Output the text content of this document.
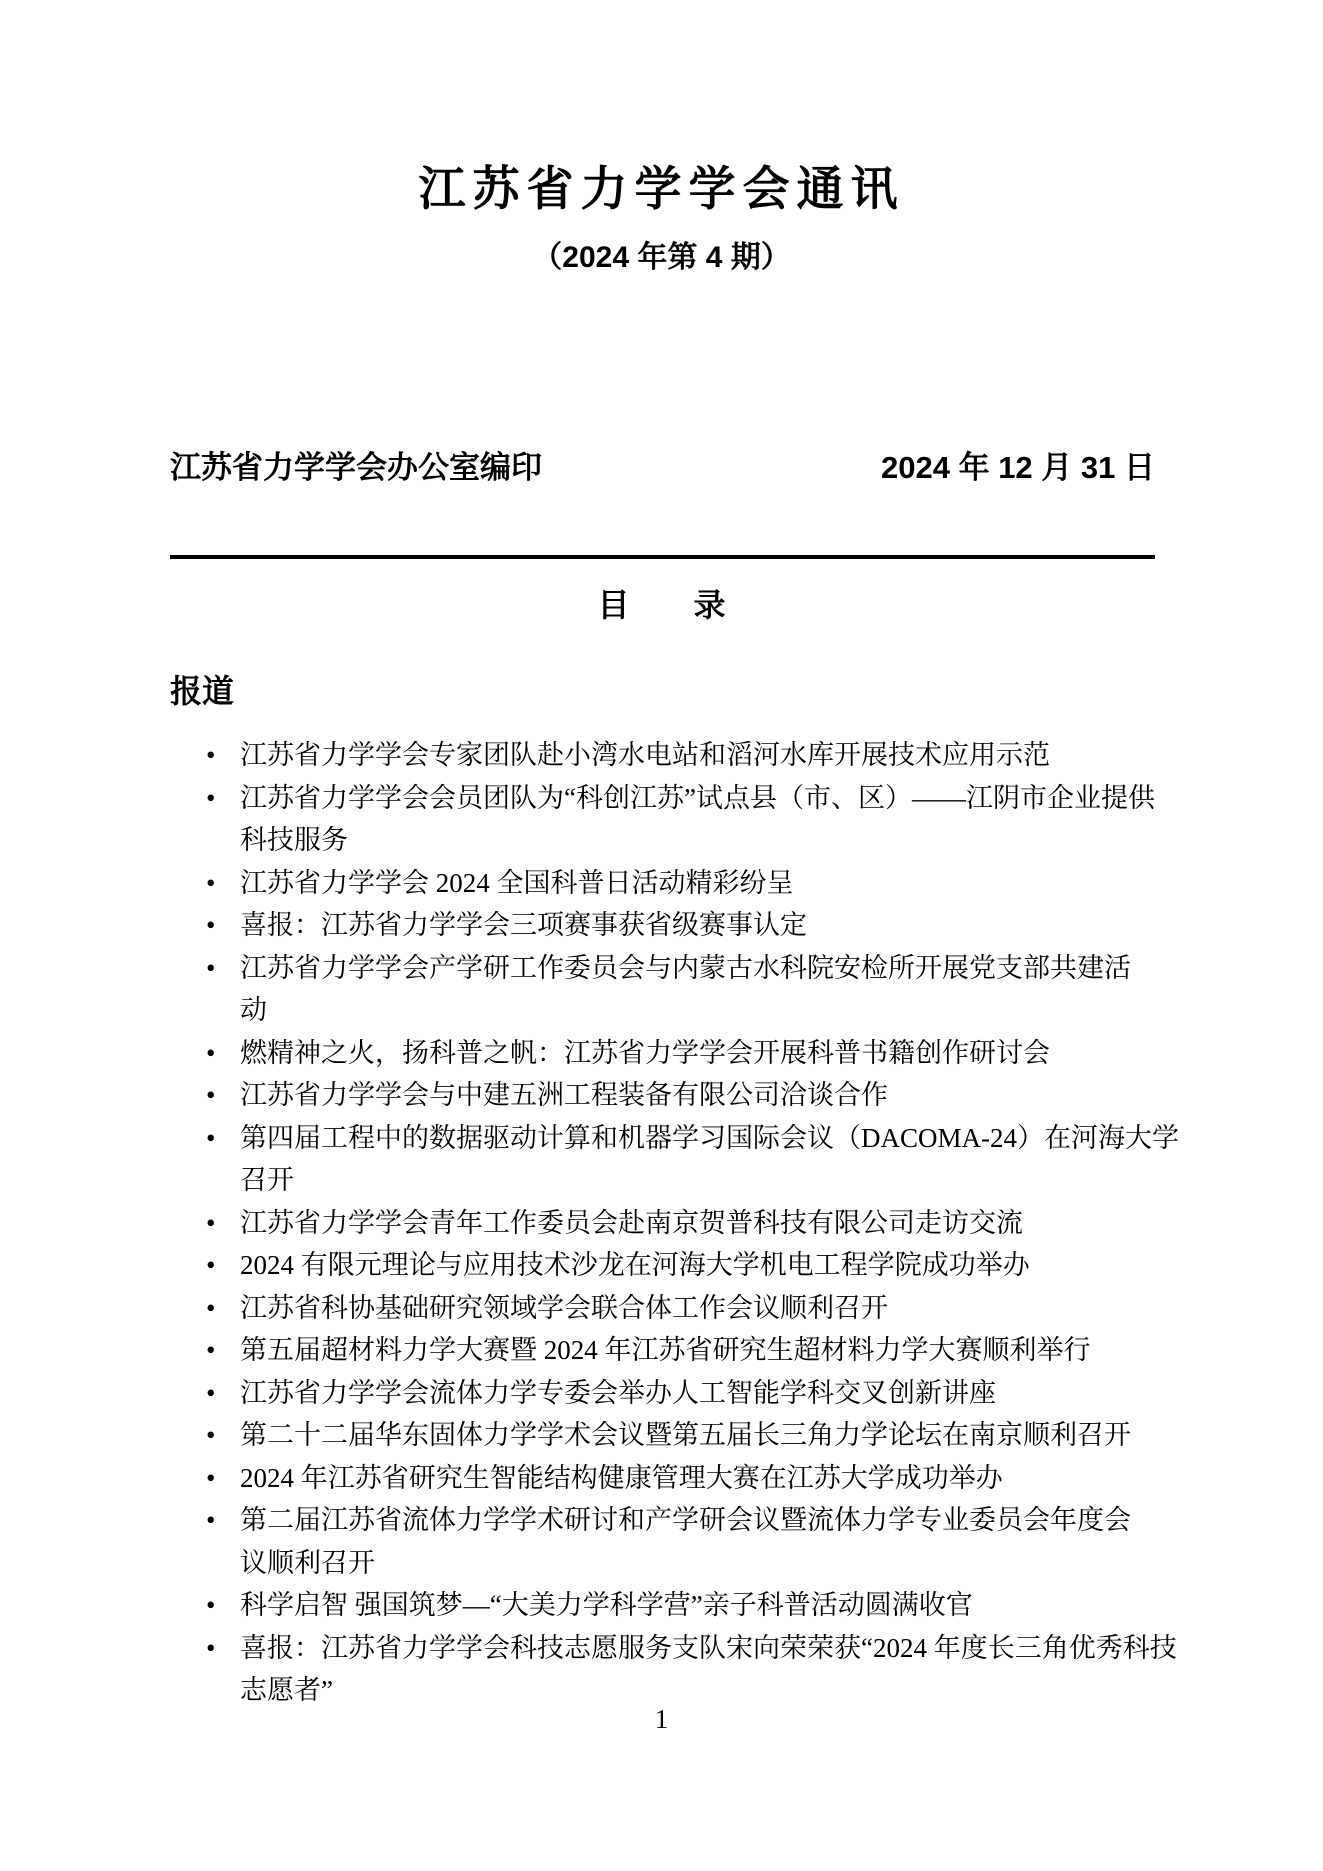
江苏省力学学会通讯
（2024 年第 4 期）
江苏省力学学会办公室编印	2024 年 12 月 31 日
目　　录
报道
• 江苏省力学学会专家团队赴小湾水电站和滔河水库开展技术应用示范
• 江苏省力学学会会员团队为“科创江苏”试点县（市、区）——江阴市企业提供
科技服务
• 江苏省力学学会 2024 全国科普日活动精彩纷呈
• 喜报：江苏省力学学会三项赛事获省级赛事认定
• 江苏省力学学会产学研工作委员会与内蒙古水科院安检所开展党支部共建活
动
• 燃精神之火，扬科普之帆：江苏省力学学会开展科普书籍创作研讨会
• 江苏省力学学会与中建五洲工程装备有限公司洽谈合作
• 第四届工程中的数据驱动计算和机器学习国际会议（DACOMA-24）在河海大学
召开
• 江苏省力学学会青年工作委员会赴南京贺普科技有限公司走访交流
• 2024 有限元理论与应用技术沙龙在河海大学机电工程学院成功举办
• 江苏省科协基础研究领域学会联合体工作会议顺利召开
• 第五届超材料力学大赛暨 2024 年江苏省研究生超材料力学大赛顺利举行
• 江苏省力学学会流体力学专委会举办人工智能学科交叉创新讲座
• 第二十二届华东固体力学学术会议暨第五届长三角力学论坛在南京顺利召开
• 2024 年江苏省研究生智能结构健康管理大赛在江苏大学成功举办
• 第二届江苏省流体力学学术研讨和产学研会议暨流体力学专业委员会年度会
议顺利召开
• 科学启智 强国筑梦—“大美力学科学营”亲子科普活动圆满收官
• 喜报：江苏省力学学会科技志愿服务支队宋向荣荣获“2024 年度长三角优秀科技
志愿者”
1
